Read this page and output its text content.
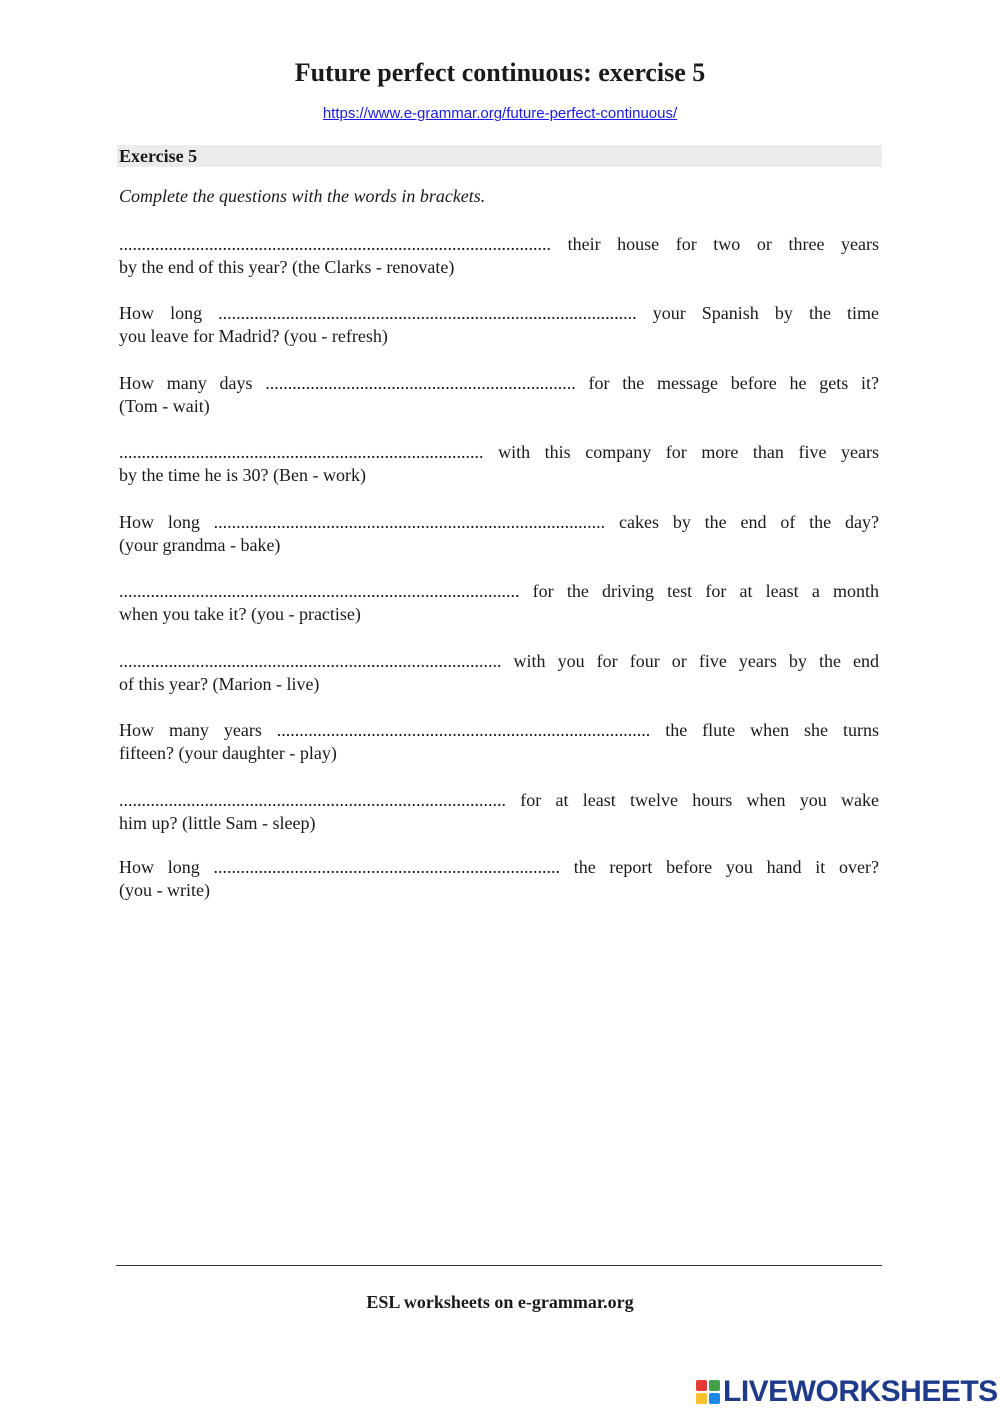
Future perfect continuous: exercise 5
https://www.e-grammar.org/future-perfect-continuous/
Exercise 5
Complete the questions with the words in brackets.
................................................................................................ their house for two or three years
by the end of this year? (the Clarks - renovate)
How long ............................................................................................. your Spanish by the time
you leave for Madrid? (you - refresh)
How many days ..................................................................... for the message before he gets it?
(Tom - wait)
................................................................................. with this company for more than five years
by the time he is 30? (Ben - work)
How long ....................................................................................... cakes by the end of the day?
(your grandma - bake)
......................................................................................... for the driving test for at least a month
when you take it? (you - practise)
..................................................................................... with you for four or five years by the end
of this year? (Marion - live)
How many years ................................................................................... the flute when she turns
fifteen? (your daughter - play)
...................................................................................... for at least twelve hours when you wake
him up? (little Sam - sleep)
How long ............................................................................. the report before you hand it over?
(you - write)
ESL worksheets on e-grammar.org
LIVEWORKSHEETS
